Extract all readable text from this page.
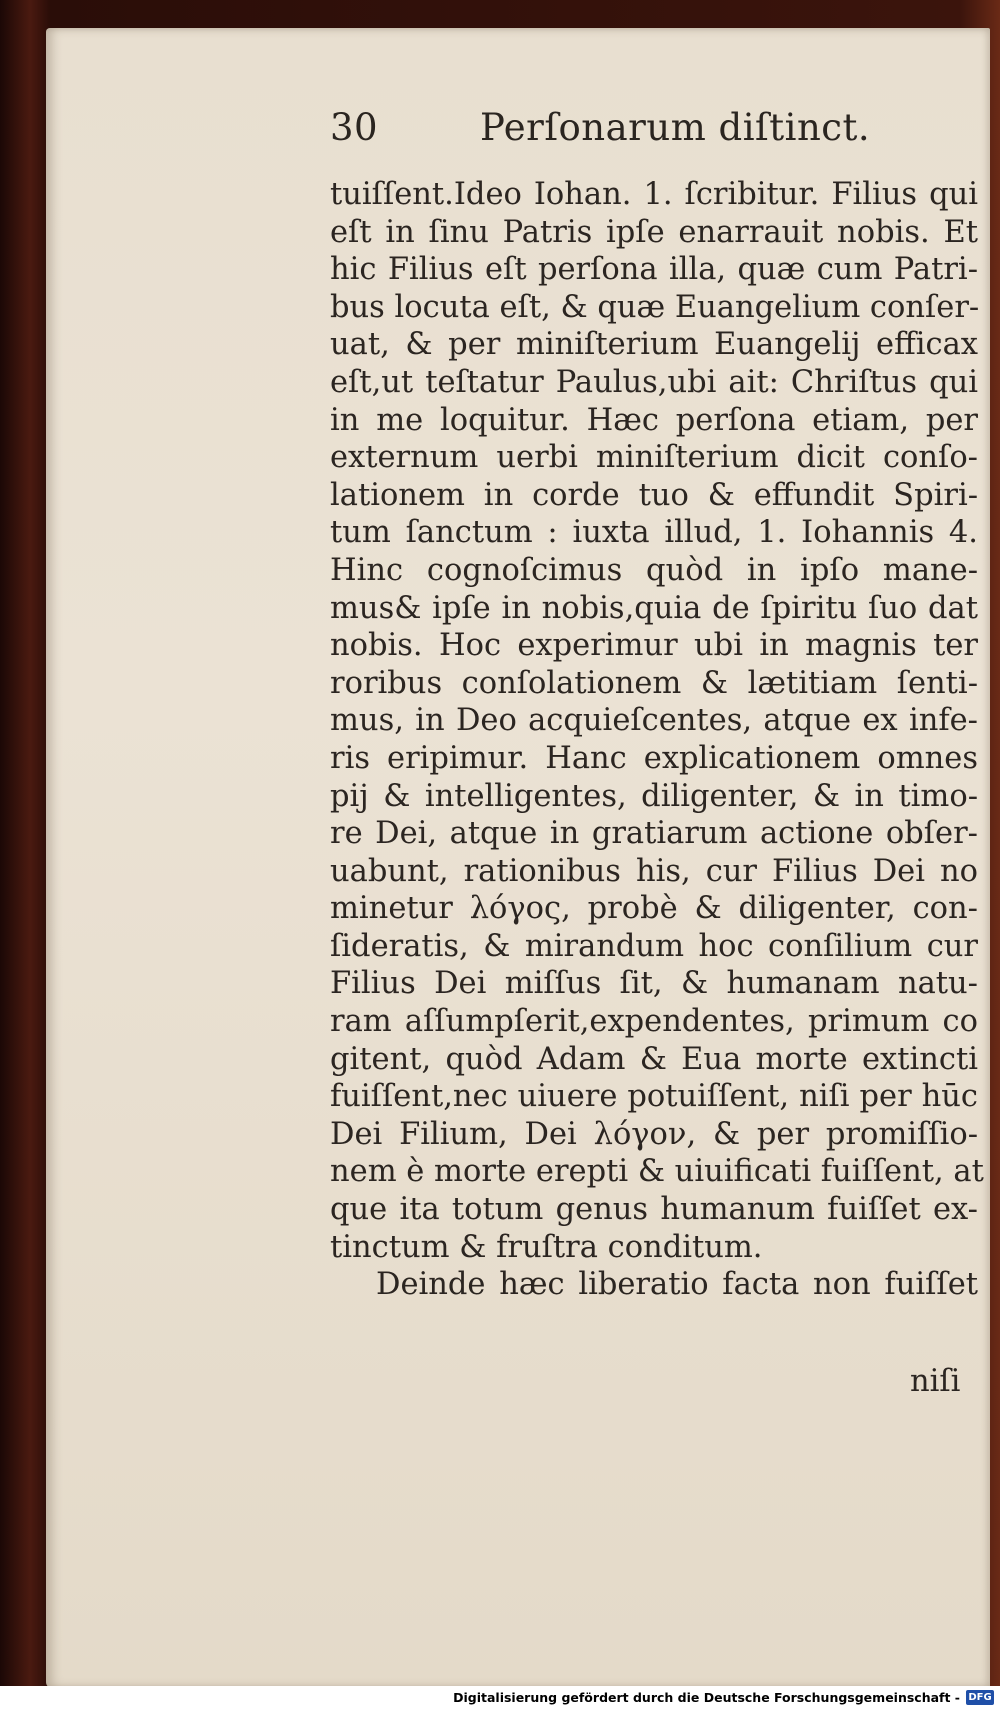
30	Perſonarum diſtinct.
tuiſſent.Ideo Iohan. 1. ſcribitur. Filius qui
eſt in ſinu Patris ipſe enarrauit nobis. Et
hic Filius eſt perſona illa, quæ cum Patri-
bus locuta eſt, & quæ Euangelium conſer-
uat, & per miniſterium Euangelij efficax
eſt,ut teſtatur Paulus,ubi ait: Chriſtus qui
in me loquitur. Hæc perſona etiam, per
externum uerbi miniſterium dicit conſo-
lationem in corde tuo & effundit Spiri-
tum ſanctum : iuxta illud, 1. Iohannis 4.
Hinc cognoſcimus quòd in ipſo mane-
mus& ipſe in nobis,quia de ſpiritu ſuo dat
nobis. Hoc experimur ubi in magnis ter
roribus conſolationem & lætitiam ſenti-
mus, in Deo acquieſcentes, atque ex infe-
ris eripimur. Hanc explicationem omnes
pij & intelligentes, diligenter, & in timo-
re Dei, atque in gratiarum actione obſer-
uabunt, rationibus his, cur Filius Dei no
minetur λόγος, probè & diligenter, con-
ſideratis, & mirandum hoc conſilium cur
Filius Dei miſſus ſit, & humanam natu-
ram aſſumpſerit,expendentes, primum co
gitent, quòd Adam & Eua morte extincti
fuiſſent,nec uiuere potuiſſent, niſi per hūc
Dei Filium, Dei λόγον, & per promiſſio-
nem è morte erepti & uiuificati fuiſſent, at
que ita totum genus humanum fuiſſet ex-
tinctum & fruſtra conditum.
Deinde hæc liberatio facta non fuiſſet
niſi
Digitalisierung gefördert durch die Deutsche Forschungsgemeinschaft - DFG
